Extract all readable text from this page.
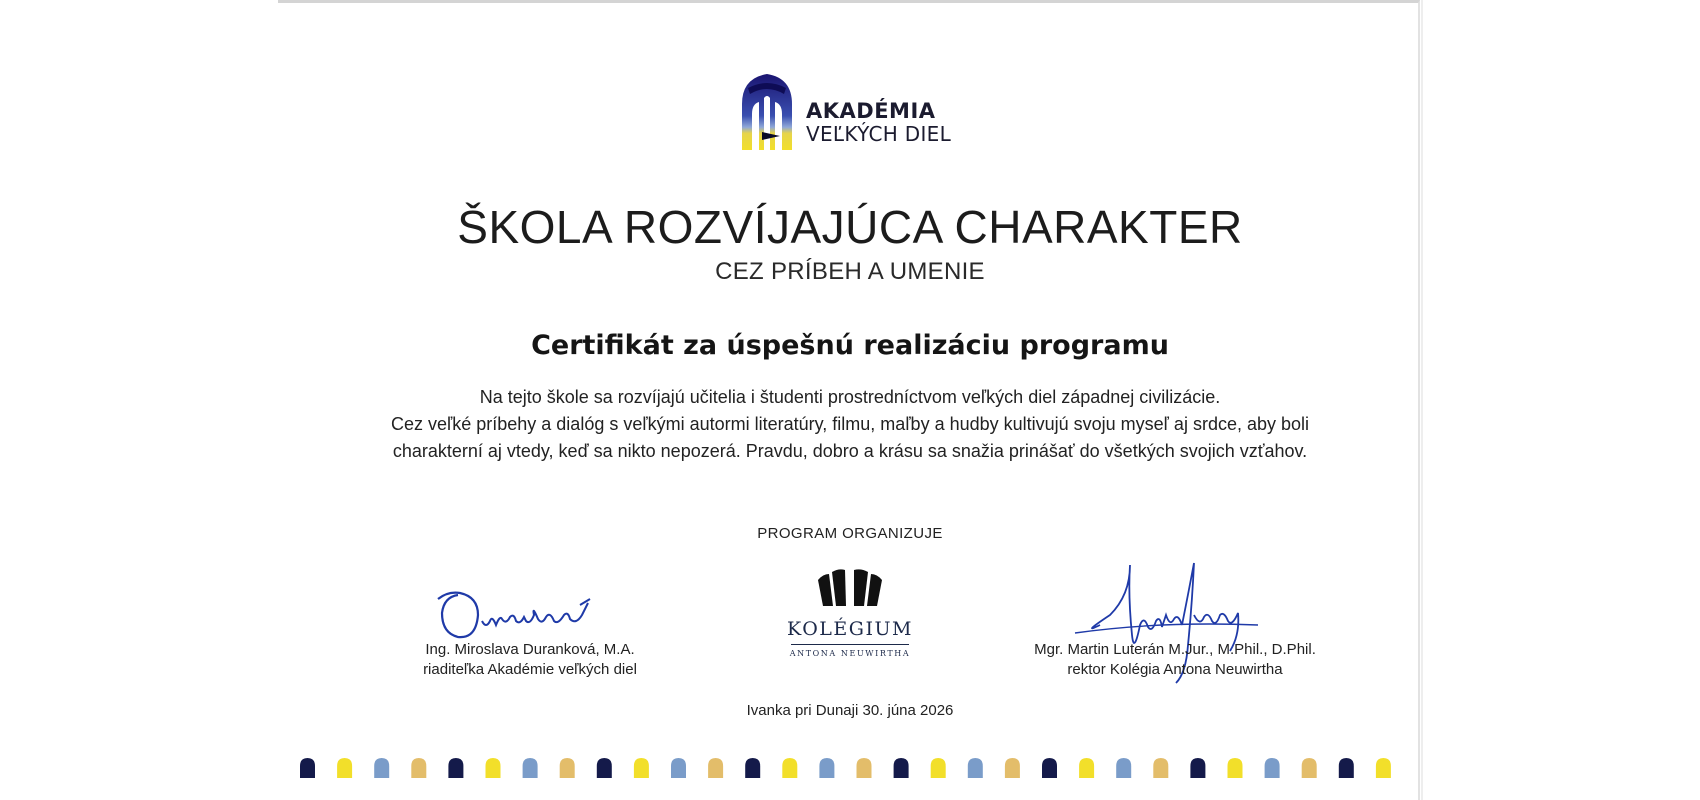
AKADÉMIA
VEĽKÝCH DIEL
ŠKOLA ROZVÍJAJÚCA CHARAKTER
CEZ PRÍBEH A UMENIE
Certifikát za úspešnú realizáciu programu
Na tejto škole sa rozvíjajú učitelia i študenti prostredníctvom veľkých diel západnej civilizácie.
Cez veľké príbehy a dialóg s veľkými autormi literatúry, filmu, maľby a hudby kultivujú svoju myseľ aj srdce, aby boli
charakterní aj vtedy, keď sa nikto nepozerá. Pravdu, dobro a krásu sa snažia prinášať do všetkých svojich vzťahov.
PROGRAM ORGANIZUJE
KOLÉGIUM
ANTONA NEUWIRTHA
Ing. Miroslava Duranková, M.A.
riaditeľka Akadémie veľkých diel
Mgr. Martin Luterán M.Jur., M.Phil., D.Phil.
rektor Kolégia Antona Neuwirtha
Ivanka pri Dunaji 30. júna 2026
